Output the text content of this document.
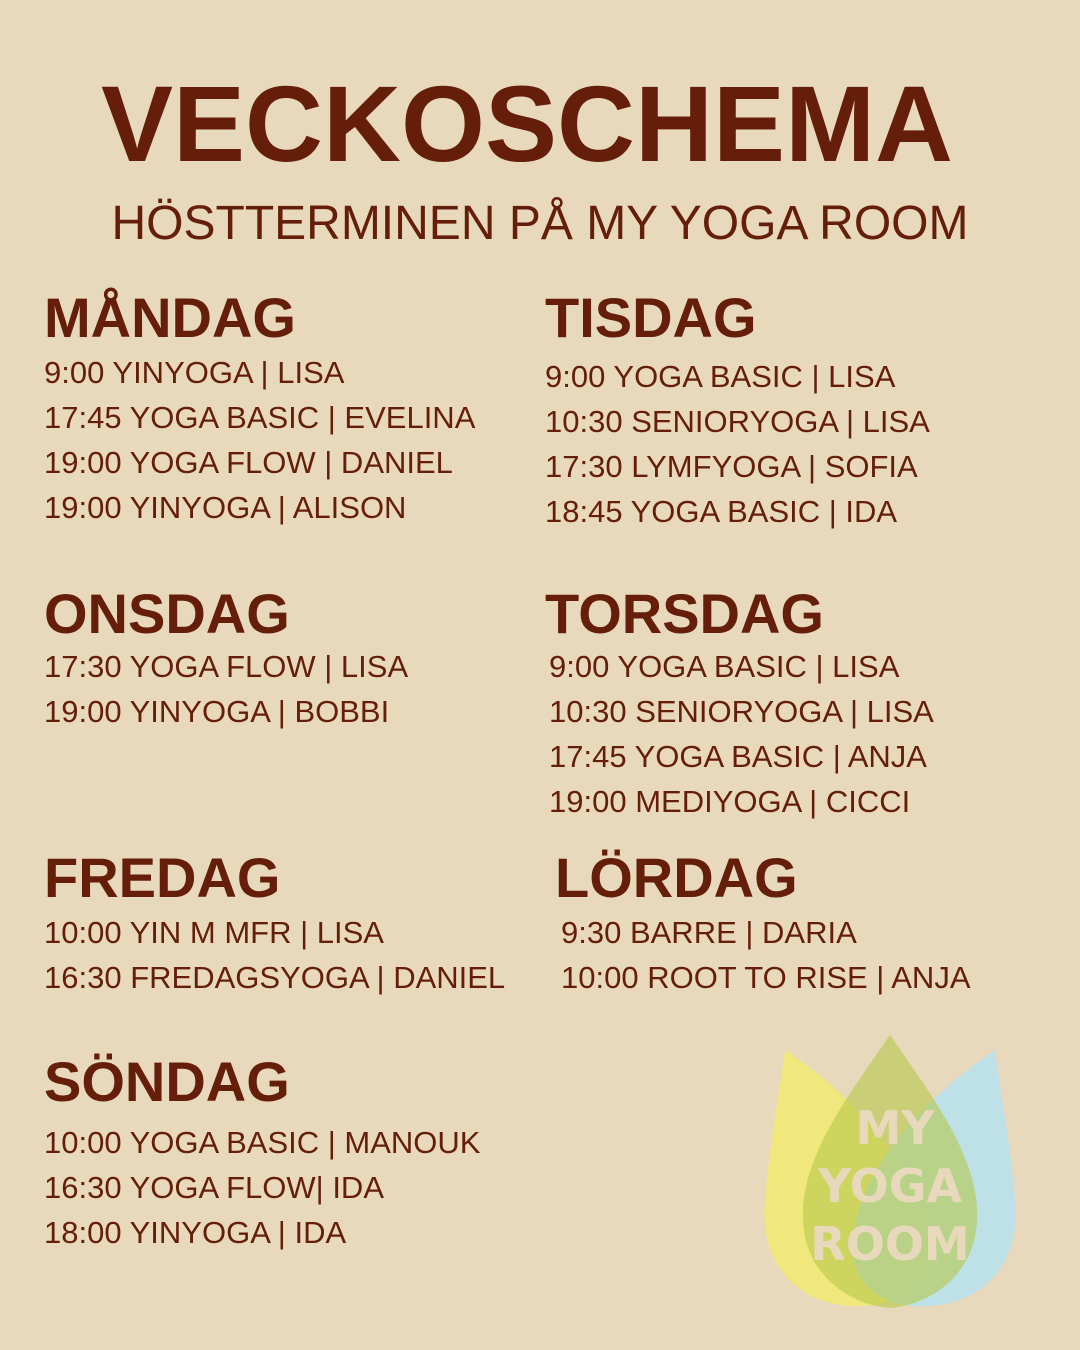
VECKOSCHEMA
HÖSTTERMINEN PÅ MY YOGA ROOM
MÅNDAG
9:00 YINYOGA | LISA
17:45 YOGA BASIC | EVELINA
19:00 YOGA FLOW | DANIEL
19:00 YINYOGA | ALISON
TISDAG
9:00 YOGA BASIC | LISA
10:30 SENIORYOGA | LISA
17:30 LYMFYOGA | SOFIA
18:45 YOGA BASIC | IDA
ONSDAG
17:30 YOGA FLOW | LISA
19:00 YINYOGA | BOBBI
TORSDAG
9:00 YOGA BASIC | LISA
10:30 SENIORYOGA | LISA
17:45 YOGA BASIC | ANJA
19:00 MEDIYOGA | CICCI
FREDAG
10:00 YIN M MFR | LISA
16:30 FREDAGSYOGA | DANIEL
LÖRDAG
9:30 BARRE | DARIA
10:00 ROOT TO RISE | ANJA
SÖNDAG
10:00 YOGA BASIC | MANOUK
16:30 YOGA FLOW| IDA
18:00 YINYOGA | IDA
MY
YOGA
ROOM
